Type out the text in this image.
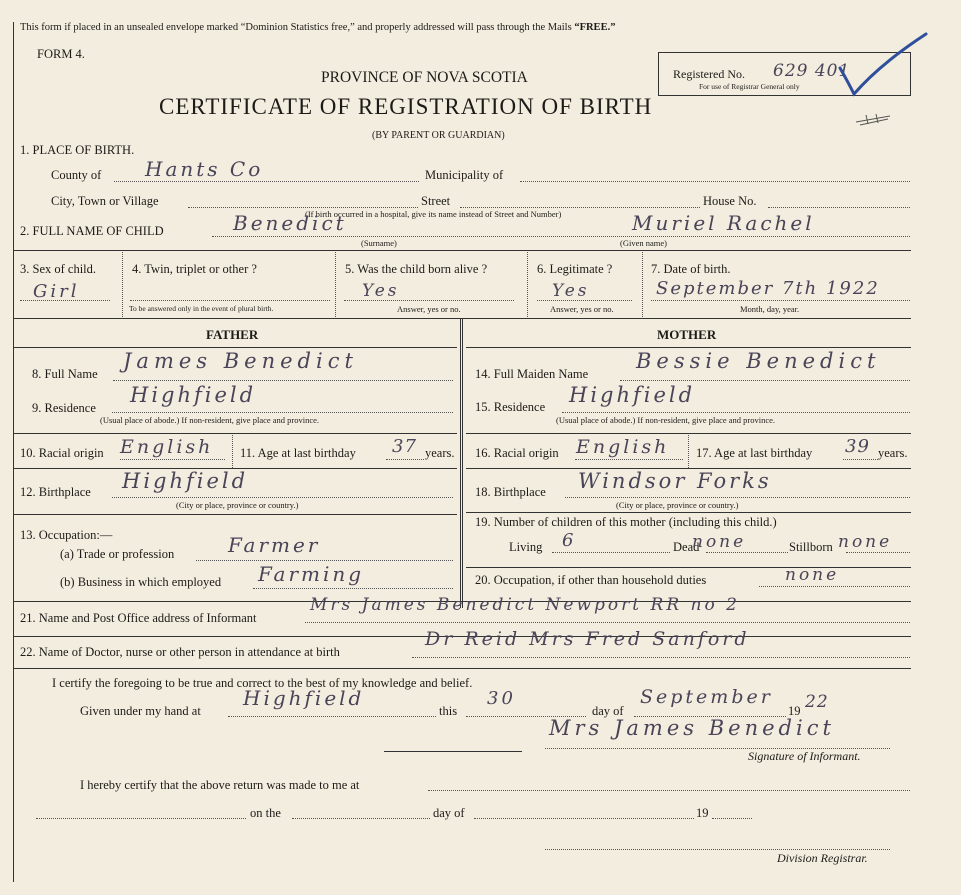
This form if placed in an unsealed envelope marked “Dominion Statistics free,” and properly addressed will pass through the Mails “FREE.”
FORM 4.
PROVINCE OF NOVA SCOTIA
CERTIFICATE OF REGISTRATION OF BIRTH
(BY PARENT OR GUARDIAN)
Registered No. 629 401
For use of Registrar General only
1. PLACE OF BIRTH.
County of Hants Co	Municipality of
City, Town or Village	Street	House No.
(If birth occurred in a hospital, give its name instead of Street and Number)
2. FULL NAME OF CHILD	Benedict	Muriel Rachel
(Surname)	(Given name)
3. Sex of child.
Girl
4. Twin, triplet or other ?
To be answered only in the event of plural birth.
5. Was the child born alive ?
Yes
Answer, yes or no.
6. Legitimate ?
Yes
Answer, yes or no.
7. Date of birth.
September 7th 1922
Month, day, year.
FATHER	MOTHER
8. Full Name
James Benedict
9. Residence
Highfield
(Usual place of abode.) If non-resident, give place and province.
10. Racial origin English 11. Age at last birthday 37 years.
12. Birthplace Highfield
(City or place, province or country.)
13. Occupation:—
(a) Trade or profession	Farmer
(b) Business in which employed Farming
14. Full Maiden Name
Bessie Benedict
15. Residence Highfield
(Usual place of abode.) If non-resident, give place and province.
16. Racial origin English 17. Age at last birthday 39 years.
18. Birthplace Windsor Forks
(City or place, province or country.)
19. Number of children of this mother (including this child.)
Living 6	Dead
none	Stillborn none
20. Occupation, if other than household duties	none
21. Name and Post Office address of Informant
Mrs James Benedict Newport RR no 2
22. Name of Doctor, nurse or other person in attendance at birth
Dr Reid Mrs Fred Sanford
I certify the foregoing to be true and correct to the best of my knowledge and belief.
Given under my hand at
Highfield
this
30
day of
September
19 22
Mrs James Benedict
Signature of Informant.
I hereby certify that the above return was made to me at
on the	day of	19
Division Registrar.
